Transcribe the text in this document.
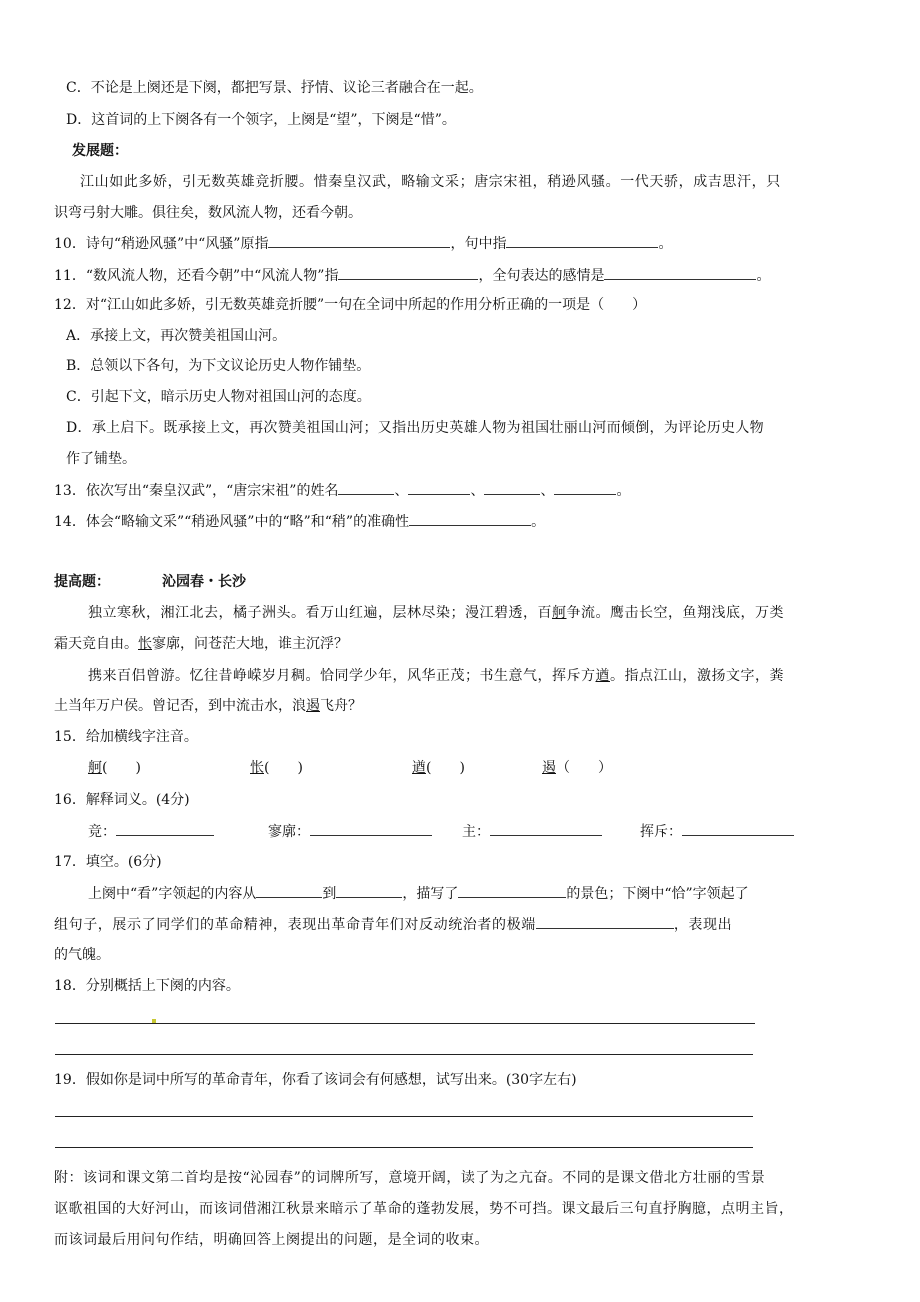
C．不论是上阕还是下阕，都把写景、抒情、议论三者融合在一起。
D．这首词的上下阕各有一个领字，上阕是“望”，下阕是“惜”。
发展题：
江山如此多娇，引无数英雄竞折腰。惜秦皇汉武，略输文采；唐宗宋祖，稍逊风骚。一代天骄，成吉思汗，只
识弯弓射大雕。俱往矣，数风流人物，还看今朝。
10．诗句“稍逊风骚”中“风骚”原指	，句中指	。
11．“数风流人物，还看今朝”中“风流人物”指	，全句表达的感情是	。
12．对“江山如此多娇，引无数英雄竞折腰”一句在全词中所起的作用分析正确的一项是（　　）
A．承接上文，再次赞美祖国山河。
B．总领以下各句，为下文议论历史人物作铺垫。
C．引起下文，暗示历史人物对祖国山河的态度。
D．承上启下。既承接上文，再次赞美祖国山河；又指出历史英雄人物为祖国壮丽山河而倾倒，为评论历史人物
作了铺垫。
13．依次写出“秦皇汉武”，“唐宗宋祖”的姓名	、	、	、	。
14．体会“略输文采”“稍逊风骚”中的“略”和“稍”的准确性	。
提高题：	沁园春・长沙
独立寒秋，湘江北去，橘子洲头。看万山红遍，层林尽染；漫江碧透，百舸争流。鹰击长空，鱼翔浅底，万类
霜天竞自由。怅寥廓，问苍茫大地，谁主沉浮？
携来百侣曾游。忆往昔峥嵘岁月稠。恰同学少年，风华正茂；书生意气，挥斥方遒。指点江山，激扬文字，粪
土当年万户侯。曾记否，到中流击水，浪遏飞舟？
15．给加横线字注音。
舸(　　)	怅(　　)	遒(　　)	遏（　　）
16．解释词义。(4分)
竞：	寥廓：	主：	挥斥：
17．填空。(6分)
上阕中“看”字领起的内容从	到	，描写了	的景色；下阕中“恰”字领起了
组句子，展示了同学们的革命精神，表现出革命青年们对反动统治者的极端	，表现出
的气魄。
18．分别概括上下阕的内容。
19．假如你是词中所写的革命青年，你看了该词会有何感想，试写出来。(30字左右)
附：该词和课文第二首均是按“沁园春”的词牌所写，意境开阔，读了为之亢奋。不同的是课文借北方壮丽的雪景
讴歌祖国的大好河山，而该词借湘江秋景来暗示了革命的蓬勃发展，势不可挡。课文最后三句直抒胸臆，点明主旨，
而该词最后用问句作结，明确回答上阕提出的问题，是全词的收束。
